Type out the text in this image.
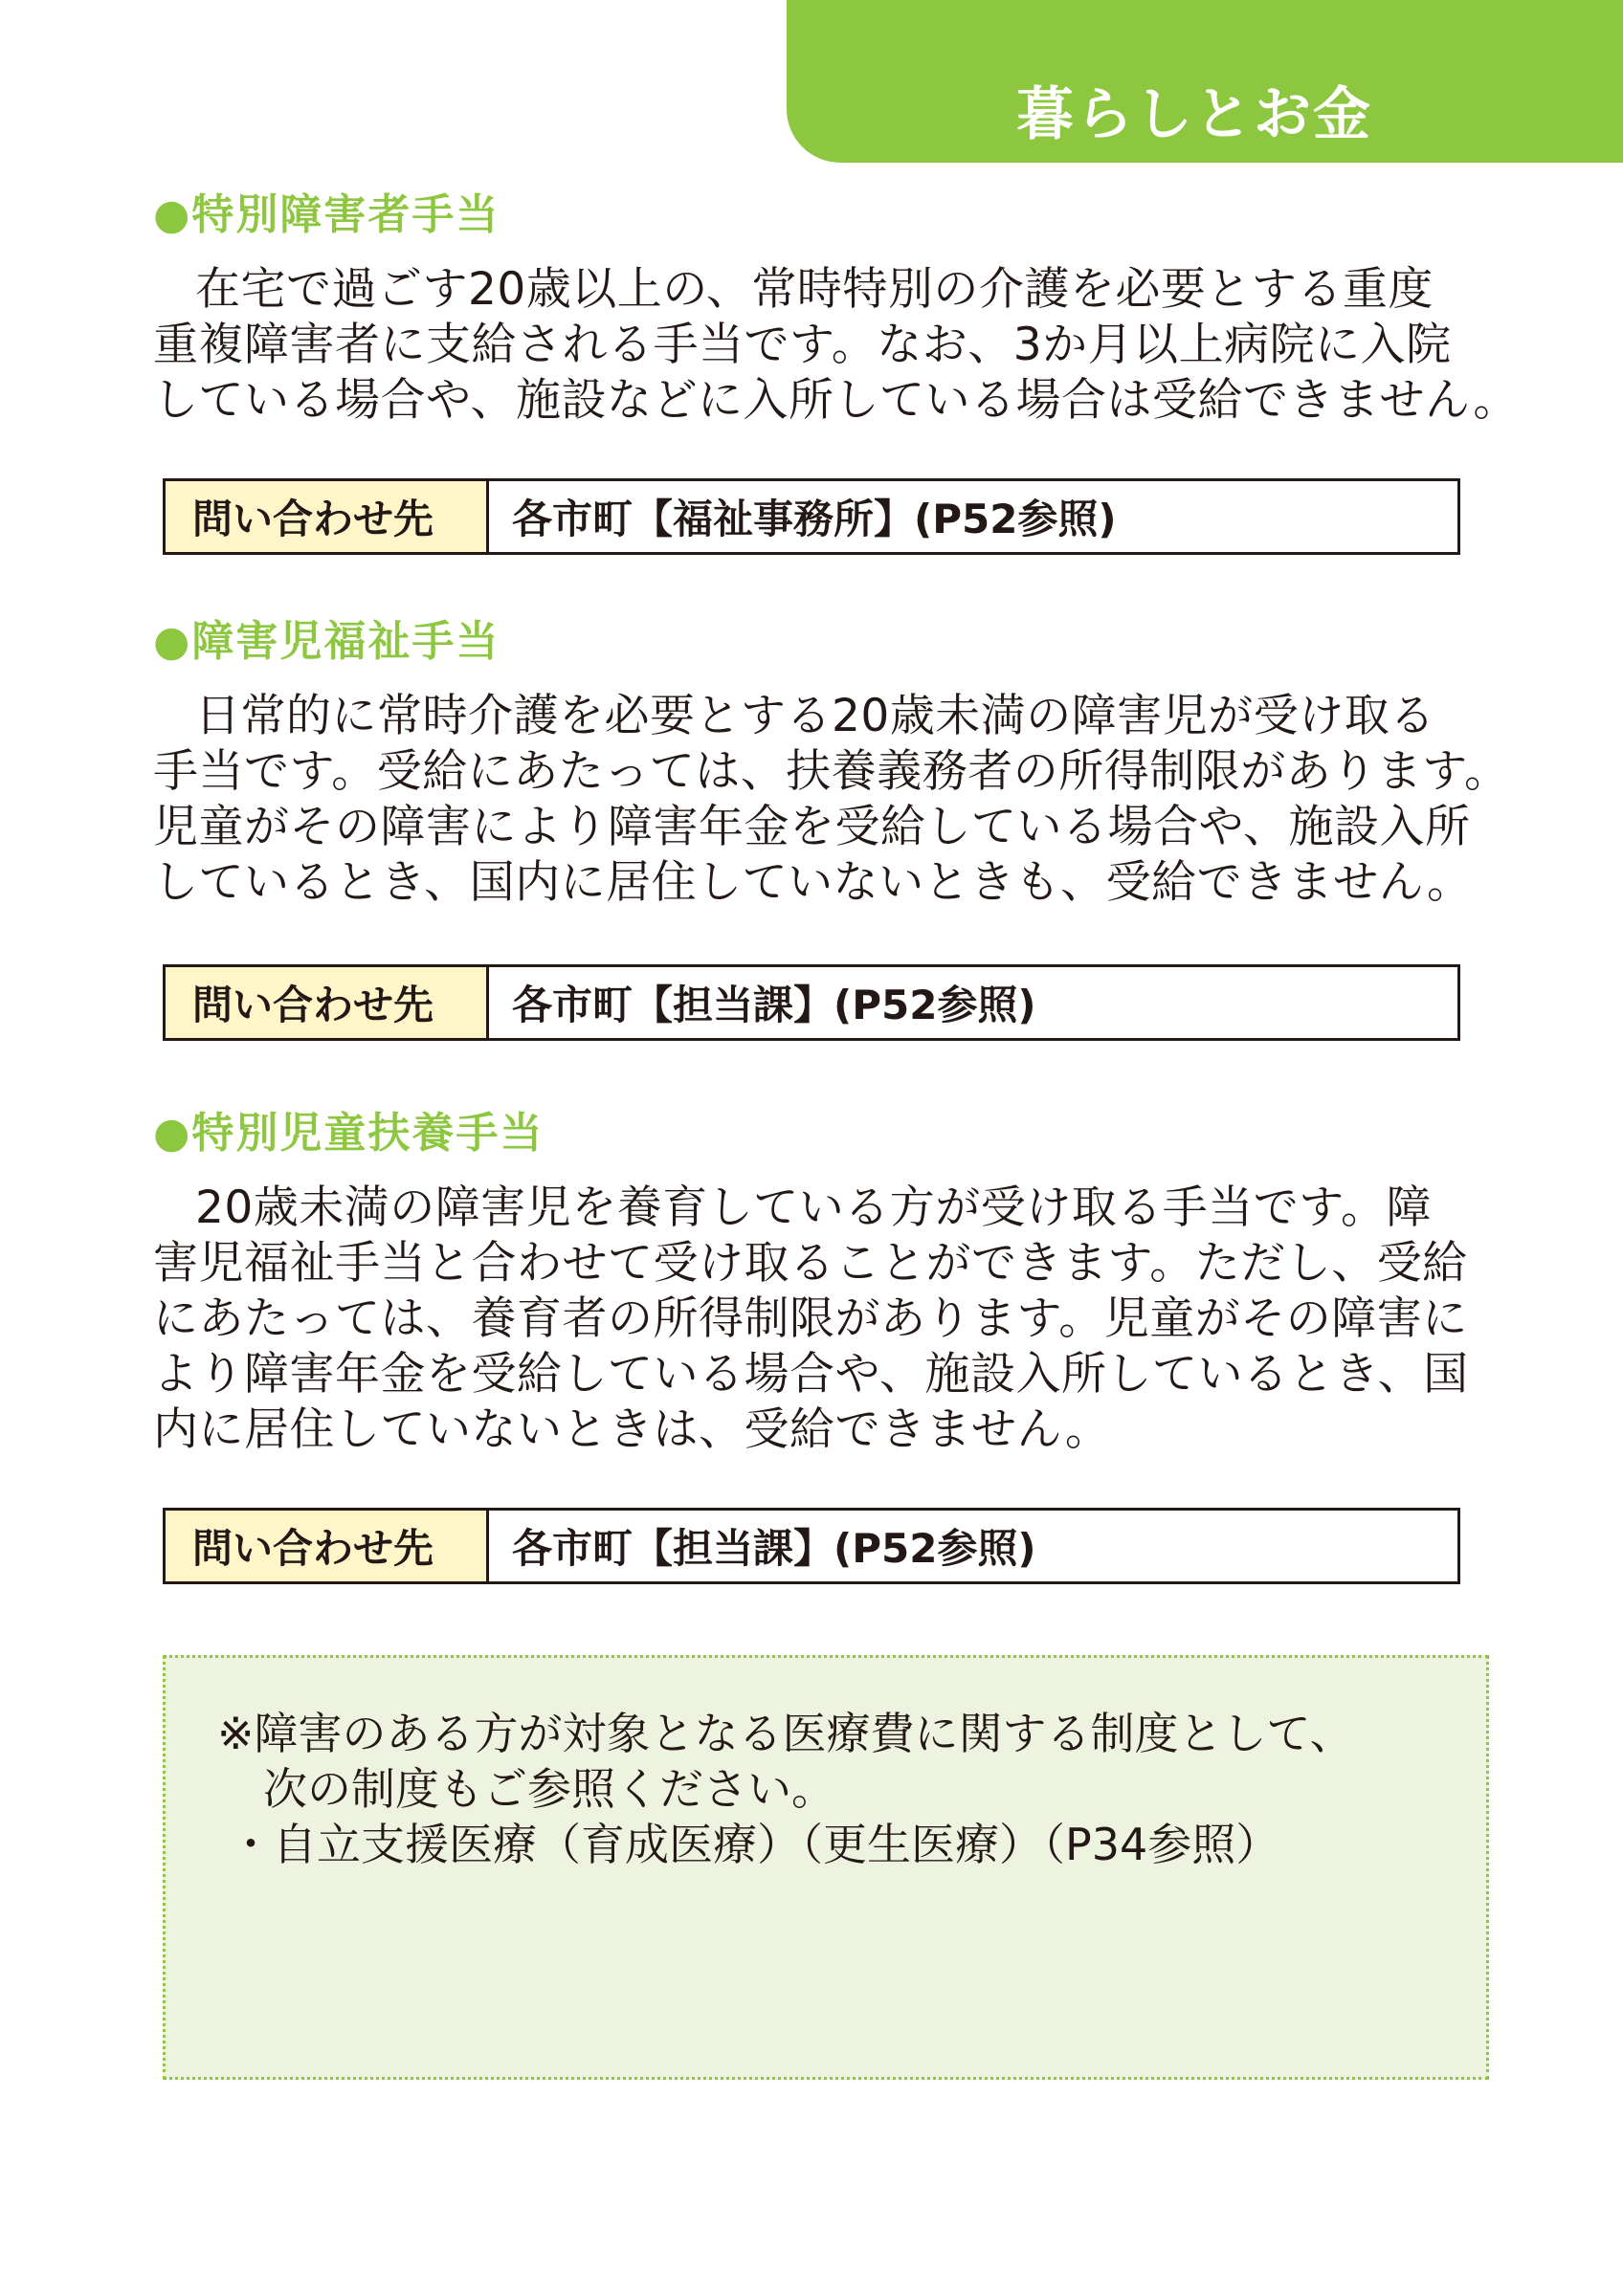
暮らしとお金
●特別障害者手当
在宅で過ごす20歳以上の、常時特別の介護を必要とする重度
重複障害者に支給される手当です。なお、3か月以上病院に入院
している場合や、施設などに入所している場合は受給できません。
問い合わせ先	各市町【福祉事務所】(P52参照)
●障害児福祉手当
日常的に常時介護を必要とする20歳未満の障害児が受け取る
手当です。受給にあたっては、扶養義務者の所得制限があります。
児童がその障害により障害年金を受給している場合や、施設入所
しているとき、国内に居住していないときも、受給できません。
問い合わせ先	各市町【担当課】(P52参照)
●特別児童扶養手当
20歳未満の障害児を養育している方が受け取る手当です。障
害児福祉手当と合わせて受け取ることができます。ただし、受給
にあたっては、養育者の所得制限があります。児童がその障害に
より障害年金を受給している場合や、施設入所しているとき、国
内に居住していないときは、受給できません。
問い合わせ先	各市町【担当課】(P52参照)
※障害のある方が対象となる医療費に関する制度として、
次の制度もご参照ください。
・自立支援医療（育成医療）（更生医療）（P34参照）
